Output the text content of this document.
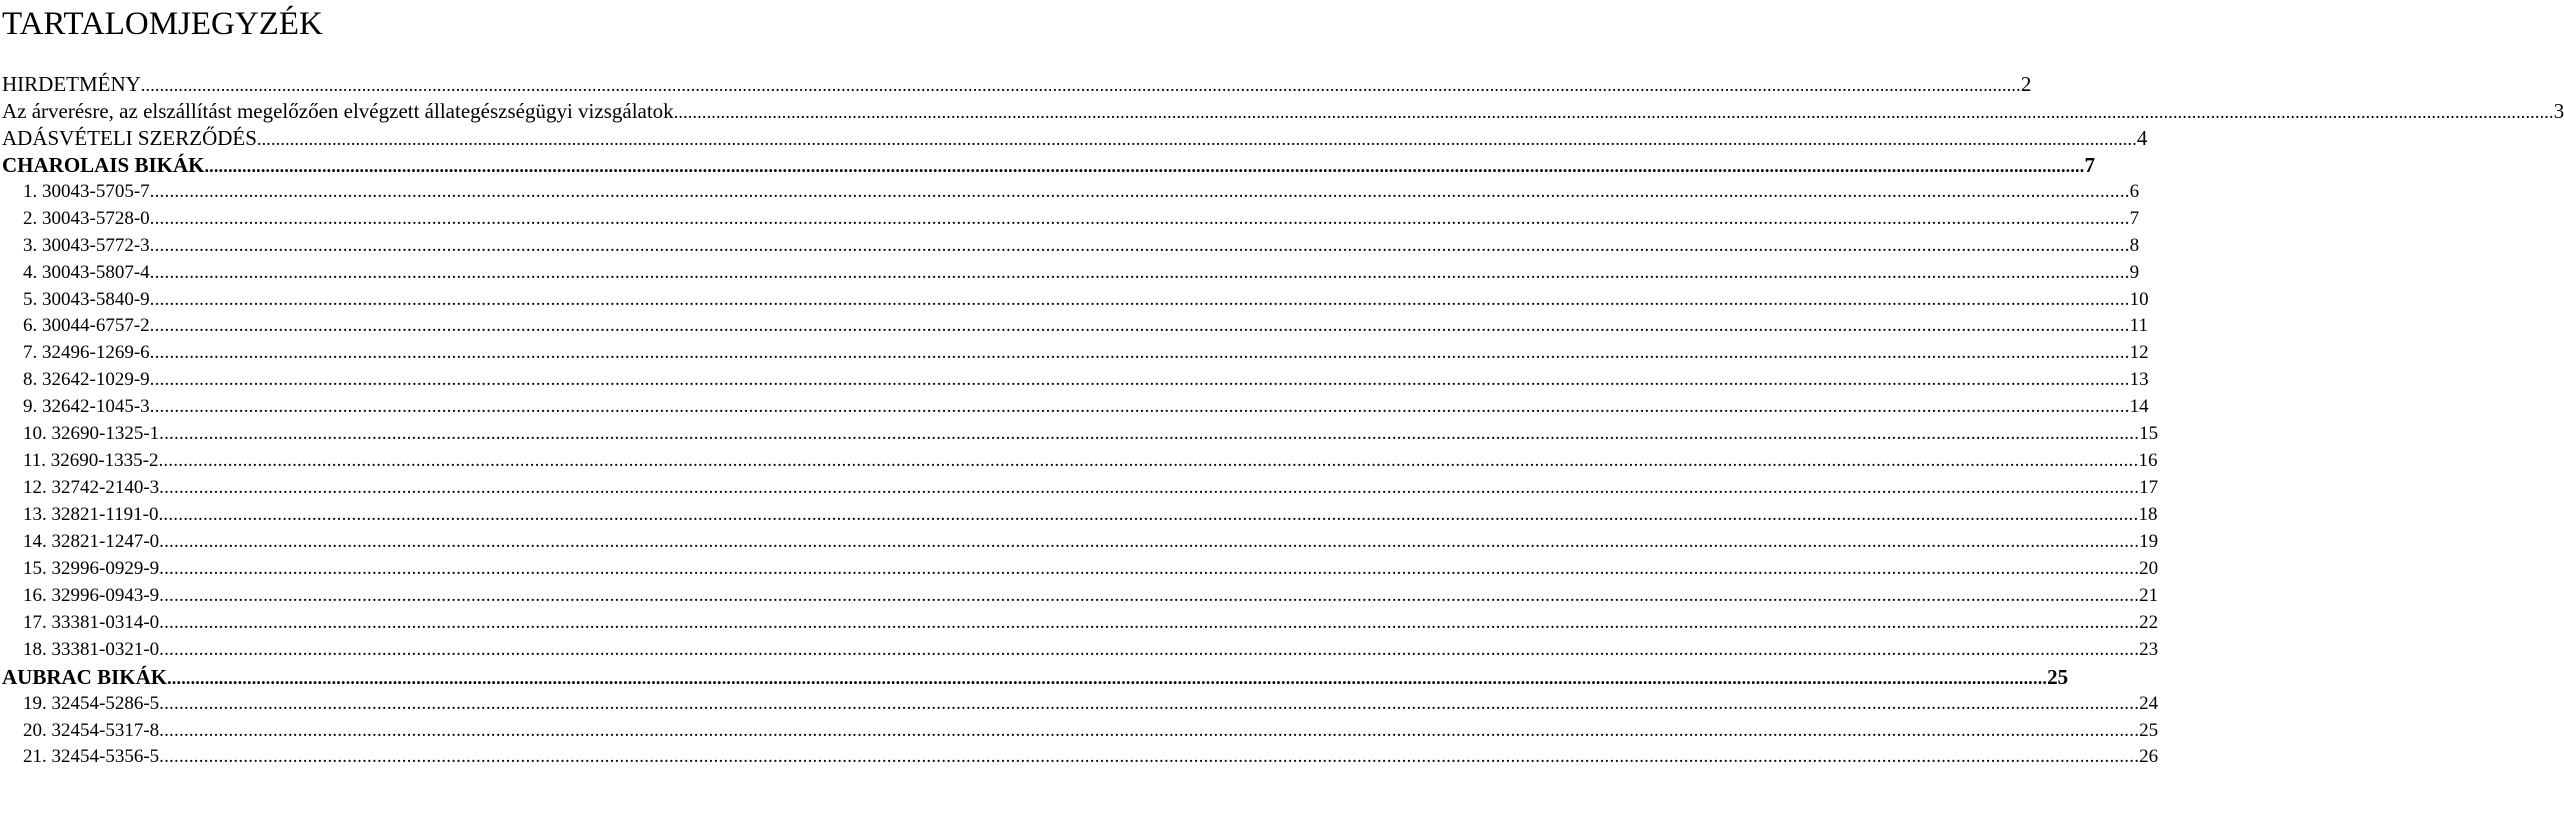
TARTALOMJEGYZÉK
HIRDETMÉNY ................................................................................................................................................................................................................................................................................................................................................................................................................ 2
Az árverésre, az elszállítást megelőzően elvégzett állategészségügyi vizsgálatok ................................................................................................................................................................................................................................................................................................................................................................................................................ 3
ADÁSVÉTELI SZERZŐDÉS ................................................................................................................................................................................................................................................................................................................................................................................................................ 4
CHAROLAIS BIKÁK ................................................................................................................................................................................................................................................................................................................................................................................................................ 7
1. 30043-5705-7 ................................................................................................................................................................................................................................................................................................................................................................................................................ 6
2. 30043-5728-0 ................................................................................................................................................................................................................................................................................................................................................................................................................ 7
3. 30043-5772-3 ................................................................................................................................................................................................................................................................................................................................................................................................................ 8
4. 30043-5807-4 ................................................................................................................................................................................................................................................................................................................................................................................................................ 9
5. 30043-5840-9 ................................................................................................................................................................................................................................................................................................................................................................................................................ 10
6. 30044-6757-2 ................................................................................................................................................................................................................................................................................................................................................................................................................ 11
7. 32496-1269-6 ................................................................................................................................................................................................................................................................................................................................................................................................................ 12
8. 32642-1029-9 ................................................................................................................................................................................................................................................................................................................................................................................................................ 13
9. 32642-1045-3 ................................................................................................................................................................................................................................................................................................................................................................................................................ 14
10. 32690-1325-1 ................................................................................................................................................................................................................................................................................................................................................................................................................ 15
11. 32690-1335-2 ................................................................................................................................................................................................................................................................................................................................................................................................................ 16
12. 32742-2140-3 ................................................................................................................................................................................................................................................................................................................................................................................................................ 17
13. 32821-1191-0 ................................................................................................................................................................................................................................................................................................................................................................................................................ 18
14. 32821-1247-0 ................................................................................................................................................................................................................................................................................................................................................................................................................ 19
15. 32996-0929-9 ................................................................................................................................................................................................................................................................................................................................................................................................................ 20
16. 32996-0943-9 ................................................................................................................................................................................................................................................................................................................................................................................................................ 21
17. 33381-0314-0 ................................................................................................................................................................................................................................................................................................................................................................................................................ 22
18. 33381-0321-0 ................................................................................................................................................................................................................................................................................................................................................................................................................ 23
AUBRAC BIKÁK ................................................................................................................................................................................................................................................................................................................................................................................................................ 25
19. 32454-5286-5 ................................................................................................................................................................................................................................................................................................................................................................................................................ 24
20. 32454-5317-8 ................................................................................................................................................................................................................................................................................................................................................................................................................ 25
21. 32454-5356-5 ................................................................................................................................................................................................................................................................................................................................................................................................................ 26
